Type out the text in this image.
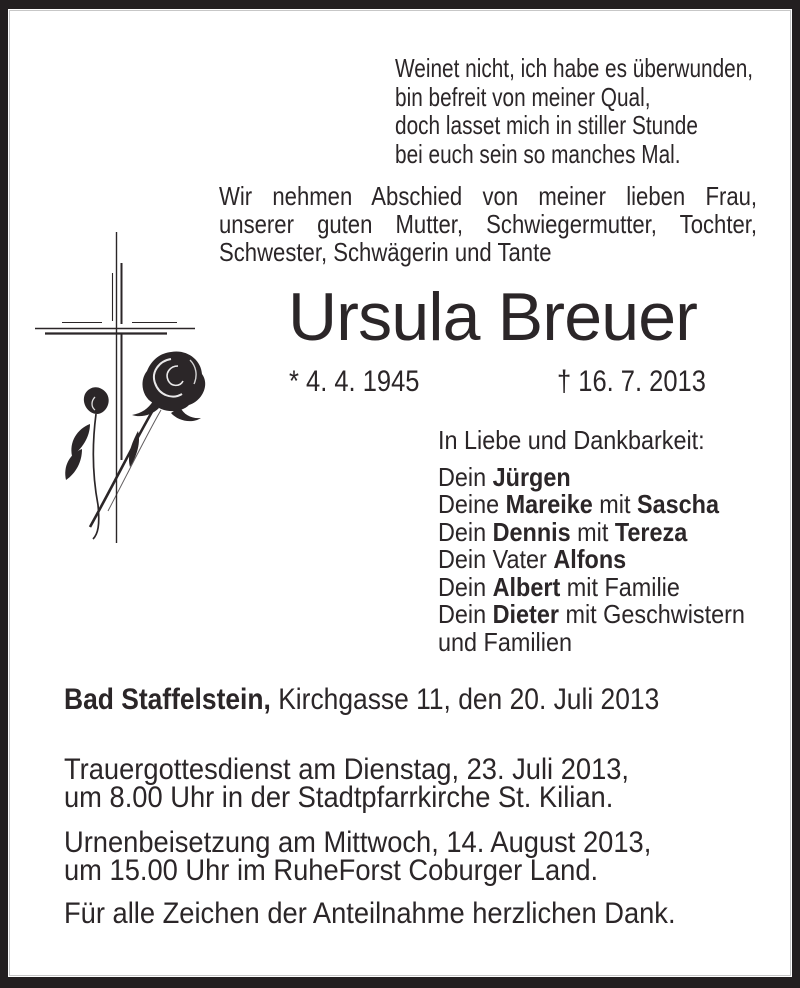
Weinet nicht, ich habe es überwunden,
bin befreit von meiner Qual,
doch lasset mich in stiller Stunde
bei euch sein so manches Mal.
Wir nehmen Abschied von meiner lieben Frau,
unserer guten Mutter, Schwiegermutter, Tochter,
Schwester, Schwägerin und Tante
Ursula Breuer
* 4. 4. 1945	† 16. 7. 2013
In Liebe und Dankbarkeit:
Dein Jürgen
Deine Mareike mit Sascha
Dein Dennis mit Tereza
Dein Vater Alfons
Dein Albert mit Familie
Dein Dieter mit Geschwistern
und Familien
Bad Staffelstein, Kirchgasse 11, den 20. Juli 2013
Trauergottesdienst am Dienstag, 23. Juli 2013,
um 8.00 Uhr in der Stadtpfarrkirche St. Kilian.
Urnenbeisetzung am Mittwoch, 14. August 2013,
um 15.00 Uhr im RuheForst Coburger Land.
Für alle Zeichen der Anteilnahme herzlichen Dank.
